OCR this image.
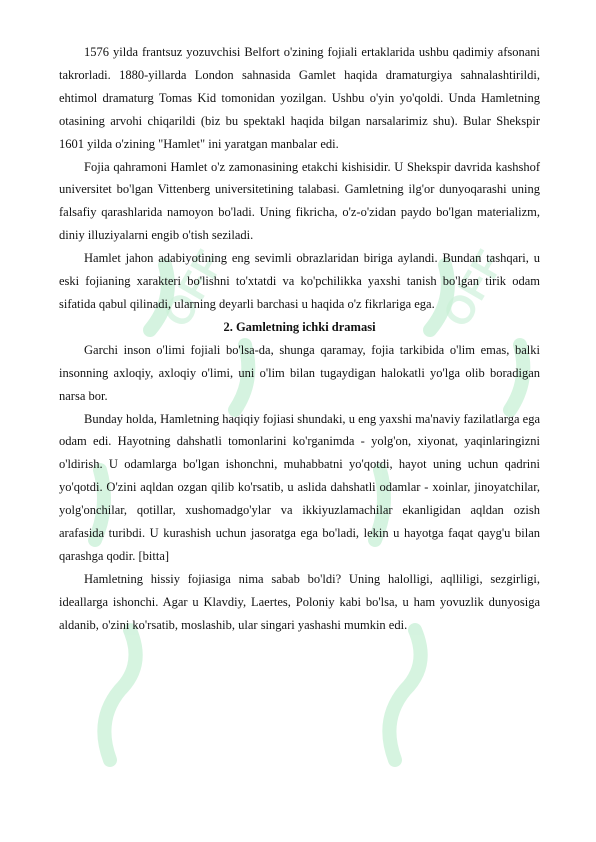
OFF	OFF

1576 yilda frantsuz yozuvchisi Belfort o'zining fojiali ertaklarida ushbu qadimiy afsonani takrorladi. 1880-yillarda London sahnasida Gamlet haqida dramaturgiya sahnalashtirildi, ehtimol dramaturg Tomas Kid tomonidan yozilgan. Ushbu o'yin yo'qoldi. Unda Hamletning otasining arvohi chiqarildi (biz bu spektakl haqida bilgan narsalarimiz shu). Bular Shekspir 1601 yilda o'zining "Hamlet" ini yaratgan manbalar edi.

Fojia qahramoni Hamlet o'z zamonasining etakchi kishisidir. U Shekspir davrida kashshof universitet bo'lgan Vittenberg universitetining talabasi. Gamletning ilg'or dunyoqarashi uning falsafiy qarashlarida namoyon bo'ladi. Uning fikricha, o'z-o'zidan paydo bo'lgan materializm, diniy illuziyalarni engib o'tish seziladi.

Hamlet jahon adabiyotining eng sevimli obrazlaridan biriga aylandi. Bundan tashqari, u eski fojianing xarakteri bo'lishni to'xtatdi va ko'pchilikka yaxshi tanish bo'lgan tirik odam sifatida qabul qilinadi, ularning deyarli barchasi u haqida o'z fikrlariga ega.

2. Gamletning ichki dramasi

Garchi inson o'limi fojiali bo'lsa-da, shunga qaramay, fojia tarkibida o'lim emas, balki insonning axloqiy, axloqiy o'limi, uni o'lim bilan tugaydigan halokatli yo'lga olib boradigan narsa bor.

Bunday holda, Hamletning haqiqiy fojiasi shundaki, u eng yaxshi ma'naviy fazilatlarga ega odam edi. Hayotning dahshatli tomonlarini ko'rganimda - yolg'on, xiyonat, yaqinlaringizni o'ldirish. U odamlarga bo'lgan ishonchni, muhabbatni yo'qotdi, hayot uning uchun qadrini yo'qotdi. O'zini aqldan ozgan qilib ko'rsatib, u aslida dahshatli odamlar - xoinlar, jinoyatchilar, yolg'onchilar, qotillar, xushomadgo'ylar va ikkiyuzlamachilar ekanligidan aqldan ozish arafasida turibdi. U kurashish uchun jasoratga ega bo'ladi, lekin u hayotga faqat qayg'u bilan qarashga qodir. [bitta]

Hamletning hissiy fojiasiga nima sabab bo'ldi? Uning halolligi, aqlliligi, sezgirligi, ideallarga ishonchi. Agar u Klavdiy, Laertes, Poloniy kabi bo'lsa, u ham yovuzlik dunyosiga aldanib, o'zini ko'rsatib, moslashib, ular singari yashashi mumkin edi.
